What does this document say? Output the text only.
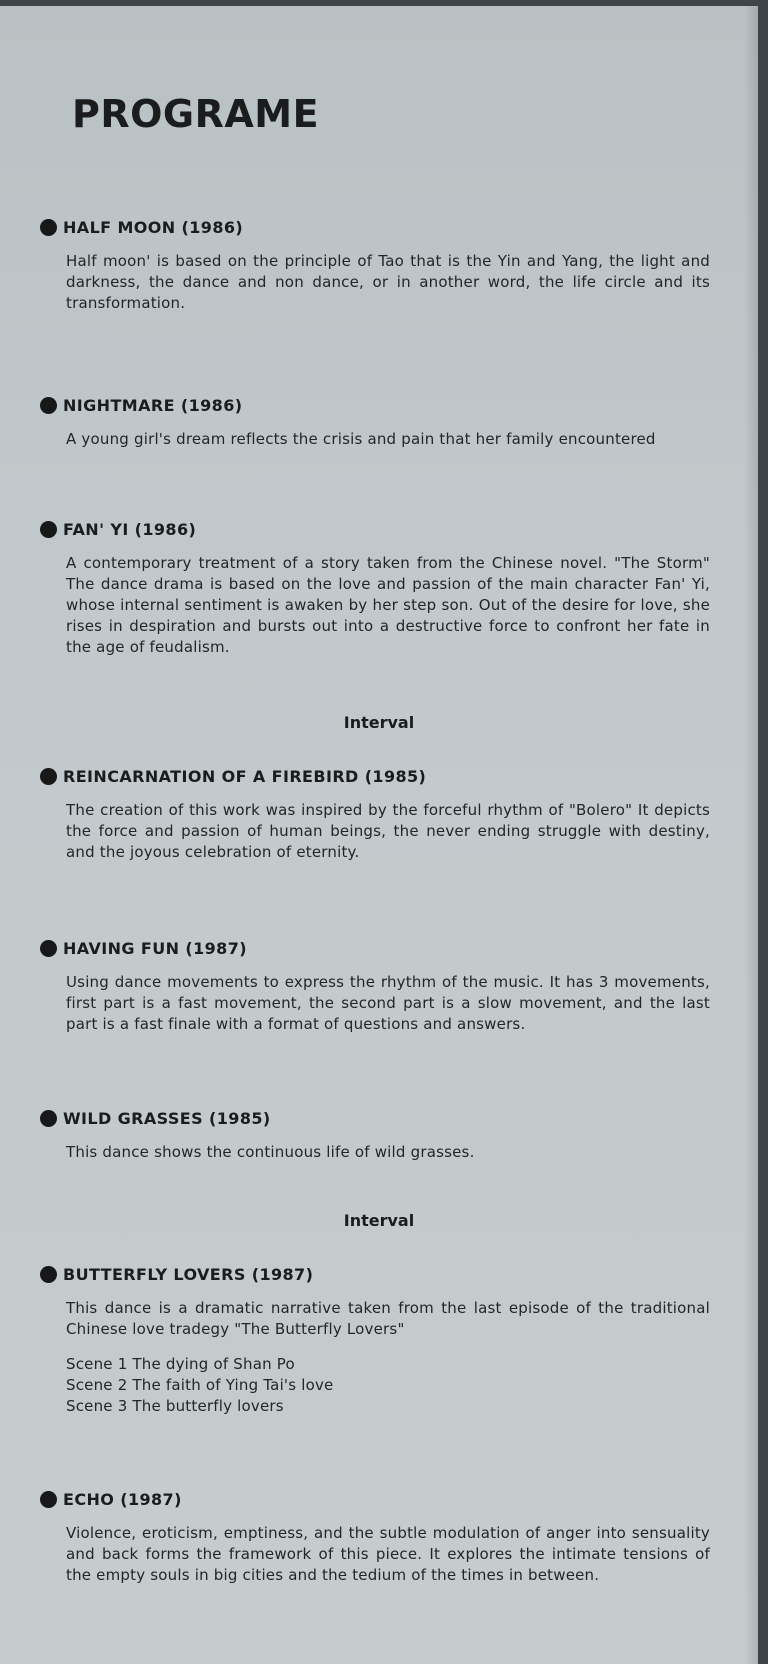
PROGRAME
HALF MOON (1986)

Half moon' is based on the principle of Tao that is the Yin and Yang, the light and darkness, the dance and non dance, or in another word, the life circle and its transformation.

NIGHTMARE (1986)

A young girl's dream reflects the crisis and pain that her family encountered

FAN' YI (1986)

A contemporary treatment of a story taken from the Chinese novel. "The Storm" The dance drama is based on the love and passion of the main character Fan' Yi, whose internal sentiment is awaken by her step son. Out of the desire for love, she rises in despiration and bursts out into a destructive force to confront her fate in the age of feudalism.

Interval
REINCARNATION OF A FIREBIRD (1985)

The creation of this work was inspired by the forceful rhythm of "Bolero" It depicts the force and passion of human beings, the never ending struggle with destiny, and the joyous celebration of eternity.

HAVING FUN (1987)

Using dance movements to express the rhythm of the music. It has 3 movements, first part is a fast movement, the second part is a slow movement, and the last part is a fast finale with a format of questions and answers.

WILD GRASSES (1985)

This dance shows the continuous life of wild grasses.

Interval
BUTTERFLY LOVERS (1987)

This dance is a dramatic narrative taken from the last episode of the traditional Chinese love tradegy "The Butterfly Lovers"

Scene 1 The dying of Shan Po
Scene 2 The faith of Ying Tai's love
Scene 3 The butterfly lovers
ECHO (1987)

Violence, eroticism, emptiness, and the subtle modulation of anger into sensuality and back forms the framework of this piece. It explores the intimate tensions of the empty souls in big cities and the tedium of the times in between.
